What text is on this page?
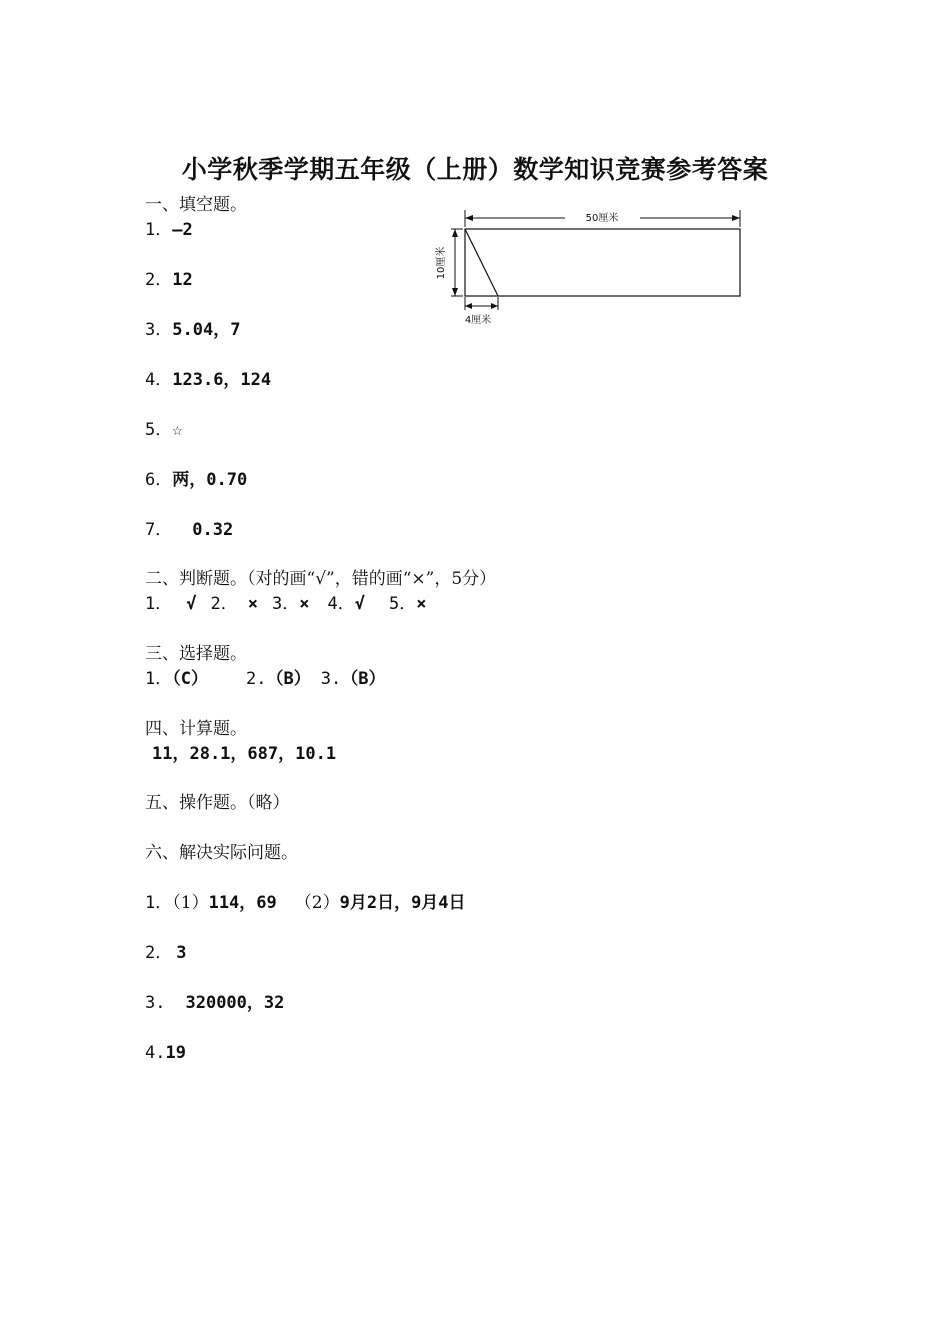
小学秋季学期五年级（上册）数学知识竞赛参考答案
50厘米
10厘米
4厘米
一、填空题。
1．—2
2．12
3．5.04，7
4．123.6，124
5．☆
6．两，0.70
7． 0.32
二、判断题。（对的画“√”，错的画“×”，5分）
1． √ 2． × 3．× 4．√ 5．×
三、选择题。
1．（C） 2.（B） 3.（B）
四、计算题。
11，28.1，687，10.1
五、操作题。（略）
六、解决实际问题。
1．（1）114，69 （2）9月2日，9月4日
2． 3
3. 320000，32
4.19
